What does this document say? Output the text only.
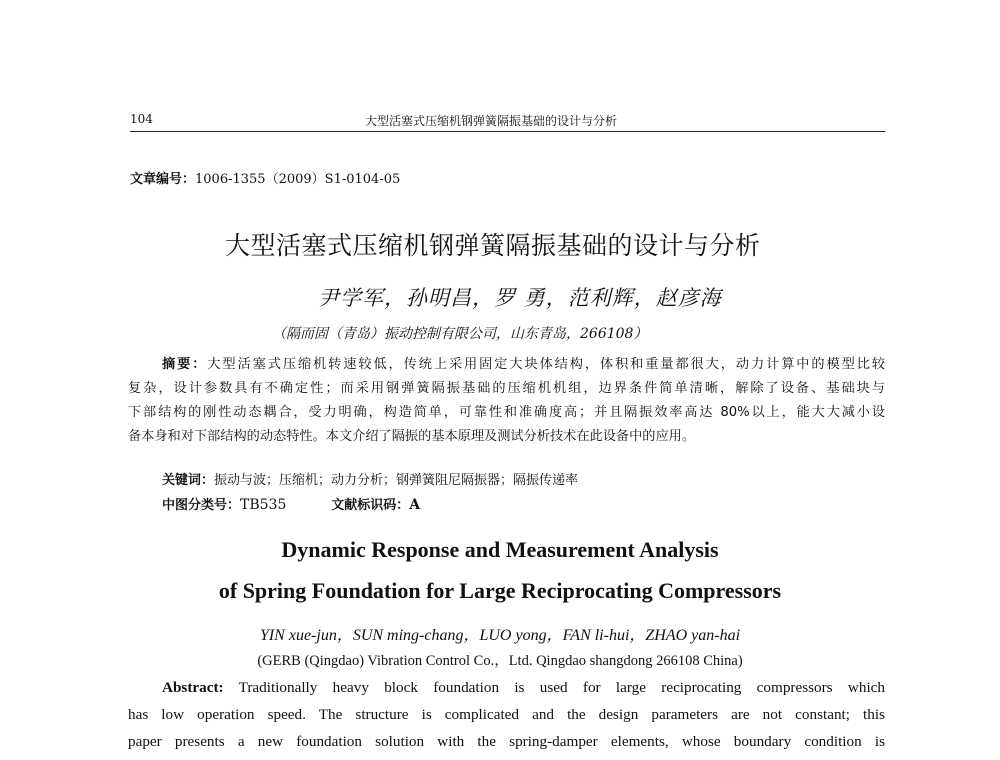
104	大型活塞式压缩机钢弹簧隔振基础的设计与分析
文章编号：1006-1355（2009）S1-0104-05
大型活塞式压缩机钢弹簧隔振基础的设计与分析
尹学军，孙明昌，罗 勇，范利辉，赵彦海
（隔而固（青岛）振动控制有限公司，山东青岛，266108）
摘要：大型活塞式压缩机转速较低，传统上采用固定大块体结构，体积和重量都很大，动力计算中的模型比较
复杂，设计参数具有不确定性；而采用钢弹簧隔振基础的压缩机机组，边界条件简单清晰，解除了设备、基础块与
下部结构的刚性动态耦合，受力明确，构造简单，可靠性和准确度高；并且隔振效率高达 80%以上，能大大减小设
备本身和对下部结构的动态特性。本文介绍了隔振的基本原理及测试分析技术在此设备中的应用。
关键词：振动与波；压缩机；动力分析；钢弹簧阻尼隔振器；隔振传递率
中图分类号：TB535	文献标识码：A
Dynamic Response and Measurement Analysis
of Spring Foundation for Large Reciprocating Compressors
YIN xue-jun，SUN ming-chang，LUO yong，FAN li-hui，ZHAO yan-hai
(GERB (Qingdao) Vibration Control Co.，Ltd. Qingdao shangdong 266108 China)
Abstract: Traditionally heavy block foundation is used for large reciprocating compressors which
has low operation speed. The structure is complicated and the design parameters are not constant; this
paper presents a new foundation solution with the spring-damper elements, whose boundary condition is
